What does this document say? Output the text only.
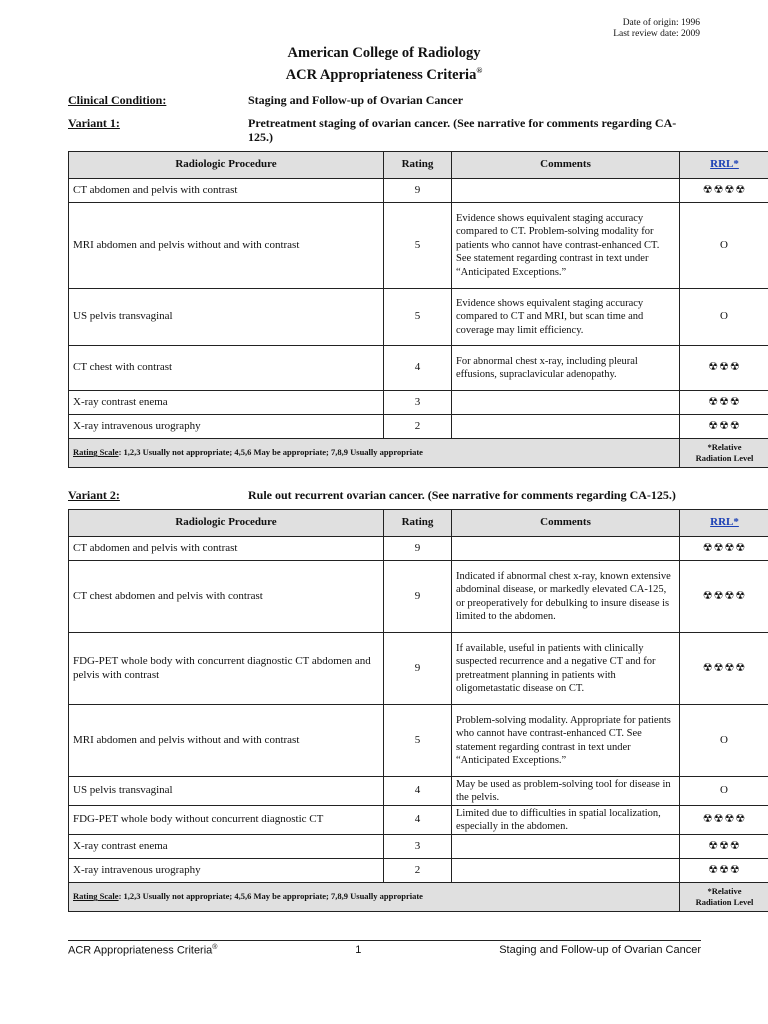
Date of origin: 1996
Last review date: 2009
American College of Radiology
ACR Appropriateness Criteria®
Clinical Condition:	Staging and Follow-up of Ovarian Cancer
Variant 1:	Pretreatment staging of ovarian cancer. (See narrative for comments regarding CA-125.)
Radiologic Procedure	Rating	Comments	RRL*
CT abdomen and pelvis with contrast	9		☢☢☢☢
MRI abdomen and pelvis without and with contrast	5	Evidence shows equivalent staging accuracy compared to CT. Problem-solving modality for patients who cannot have contrast-enhanced CT. See statement regarding contrast in text under “Anticipated Exceptions.”	O
US pelvis transvaginal	5	Evidence shows equivalent staging accuracy compared to CT and MRI, but scan time and coverage may limit efficiency.	O
CT chest with contrast	4	For abnormal chest x-ray, including pleural effusions, supraclavicular adenopathy.	☢☢☢
X-ray contrast enema	3		☢☢☢
X-ray intravenous urography	2		☢☢☢
Rating Scale: 1,2,3 Usually not appropriate; 4,5,6 May be appropriate; 7,8,9 Usually appropriate			*Relative
Radiation Level
Variant 2:	Rule out recurrent ovarian cancer. (See narrative for comments regarding CA-125.)
Radiologic Procedure	Rating	Comments	RRL*
CT abdomen and pelvis with contrast	9		☢☢☢☢
CT chest abdomen and pelvis with contrast	9	Indicated if abnormal chest x-ray, known extensive abdominal disease, or markedly elevated CA-125, or preoperatively for debulking to insure disease is limited to the abdomen.	☢☢☢☢
FDG-PET whole body with concurrent diagnostic CT abdomen and pelvis with contrast	9	If available, useful in patients with clinically suspected recurrence and a negative CT and for pretreatment planning in patients with oligometastatic disease on CT.	☢☢☢☢
MRI abdomen and pelvis without and with contrast	5	Problem-solving modality. Appropriate for patients who cannot have contrast-enhanced CT. See statement regarding contrast in text under “Anticipated Exceptions.”	O
US pelvis transvaginal	4	May be used as problem-solving tool for disease in the pelvis.	O
FDG-PET whole body without concurrent diagnostic CT	4	Limited due to difficulties in spatial localization, especially in the abdomen.	☢☢☢☢
X-ray contrast enema	3		☢☢☢
X-ray intravenous urography	2		☢☢☢
Rating Scale: 1,2,3 Usually not appropriate; 4,5,6 May be appropriate; 7,8,9 Usually appropriate			*Relative
Radiation Level
ACR Appropriateness Criteria®	1	Staging and Follow-up of Ovarian Cancer
